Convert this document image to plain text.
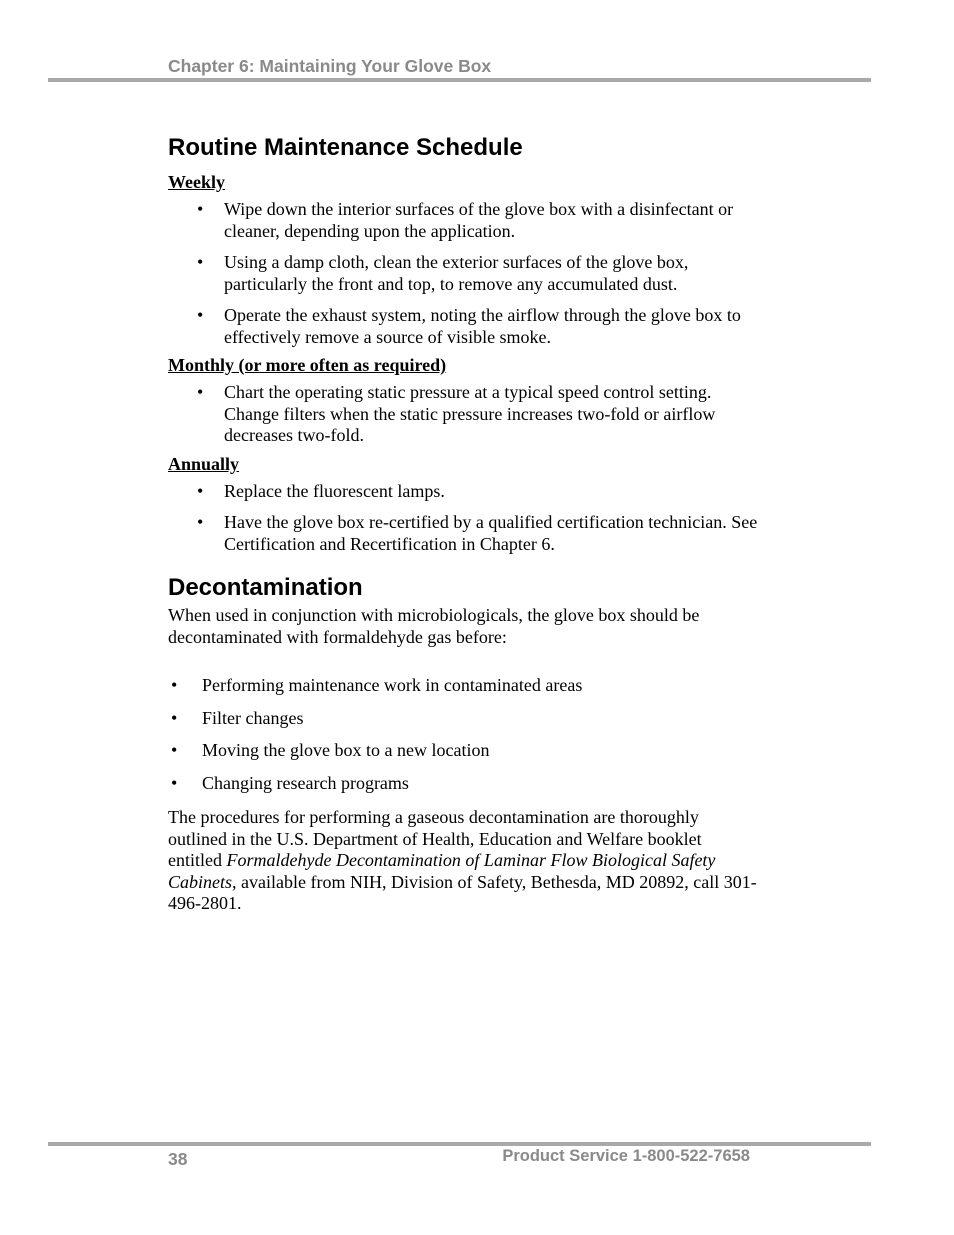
Chapter 6: Maintaining Your Glove Box
Routine Maintenance Schedule
Weekly
• Wipe down the interior surfaces of the glove box with a disinfectant or cleaner, depending upon the application.
• Using a damp cloth, clean the exterior surfaces of the glove box, particularly the front and top, to remove any accumulated dust.
• Operate the exhaust system, noting the airflow through the glove box to effectively remove a source of visible smoke.
Monthly (or more often as required)
• Chart the operating static pressure at a typical speed control setting. Change filters when the static pressure increases two-fold or airflow decreases two-fold.
Annually
• Replace the fluorescent lamps.
• Have the glove box re-certified by a qualified certification technician. See Certification and Recertification in Chapter 6.
Decontamination

When used in conjunction with microbiologicals, the glove box should be decontaminated with formaldehyde gas before:

• Performing maintenance work in contaminated areas
• Filter changes
• Moving the glove box to a new location
• Changing research programs

The procedures for performing a gaseous decontamination are thoroughly outlined in the U.S. Department of Health, Education and Welfare booklet entitled Formaldehyde Decontamination of Laminar Flow Biological Safety Cabinets, available from NIH, Division of Safety, Bethesda, MD 20892, call 301-496-2801.

38	Product Service 1-800-522-7658
